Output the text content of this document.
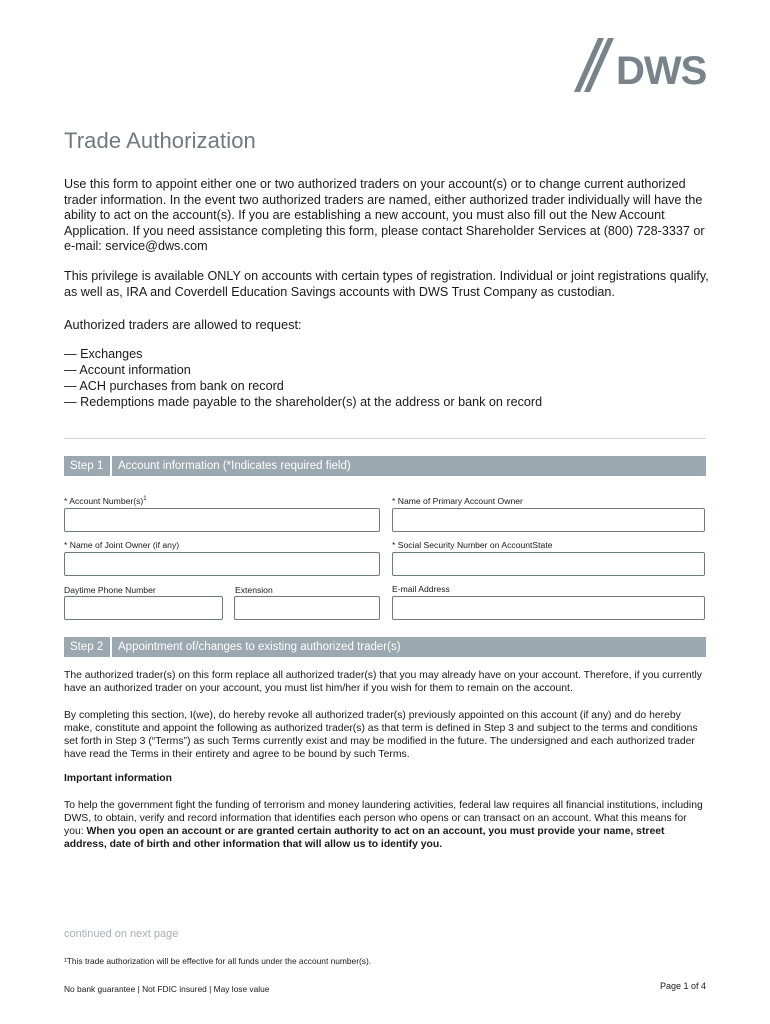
DWS
Trade Authorization

Use this form to appoint either one or two authorized traders on your account(s) or to change current authorized trader information. In the event two authorized traders are named, either authorized trader individually will have the ability to act on the account(s). If you are establishing a new account, you must also fill out the New Account Application. If you need assistance completing this form, please contact Shareholder Services at (800) 728-3337 or e-mail: service@dws.com

This privilege is available ONLY on accounts with certain types of registration. Individual or joint registrations qualify, as well as, IRA and Coverdell Education Savings accounts with DWS Trust Company as custodian.

Authorized traders are allowed to request:
— Exchanges
— Account information
— ACH purchases from bank on record
— Redemptions made payable to the shareholder(s) at the address or bank on record
Step 1	Account information (*Indicates required field)
* Account $Number(s)^1$	* Name of Primary Account Owner
* Name of Joint Owner (if any)	* Social Security Number on AccountState
Daytime Phone Number	Extension	E-mail Address
Step 2	Appointment of/changes to existing authorized trader(s)

The authorized trader(s) on this form replace all authorized trader(s) that you may already have on your account. Therefore, if you currently have an authorized trader on your account, you must list him/her if you wish for them to remain on the account.

By completing this section, I(we), do hereby revoke all authorized trader(s) previously appointed on this account (if any) and do hereby make, constitute and appoint the following as authorized trader(s) as that term is defined in Step 3 and subject to the terms and conditions set forth in Step 3 (“Terms”) as such Terms currently exist and may be modified in the future. The undersigned and each authorized trader have read the Terms in their entirety and agree to be bound by such Terms.

Important information

To help the government fight the funding of terrorism and money laundering activities, federal law requires all financial institutions, including DWS, to obtain, verify and record information that identifies each person who opens or can transact on an account. What this means for you: When you open an account or are granted certain authority to act on an account, you must provide your name, street address, date of birth and other information that will allow us to identify you.

continued on next page
¹This trade authorization will be effective for all funds under the account number(s).
No bank guarantee | Not FDIC insured | May lose value	Page 1 of 4
